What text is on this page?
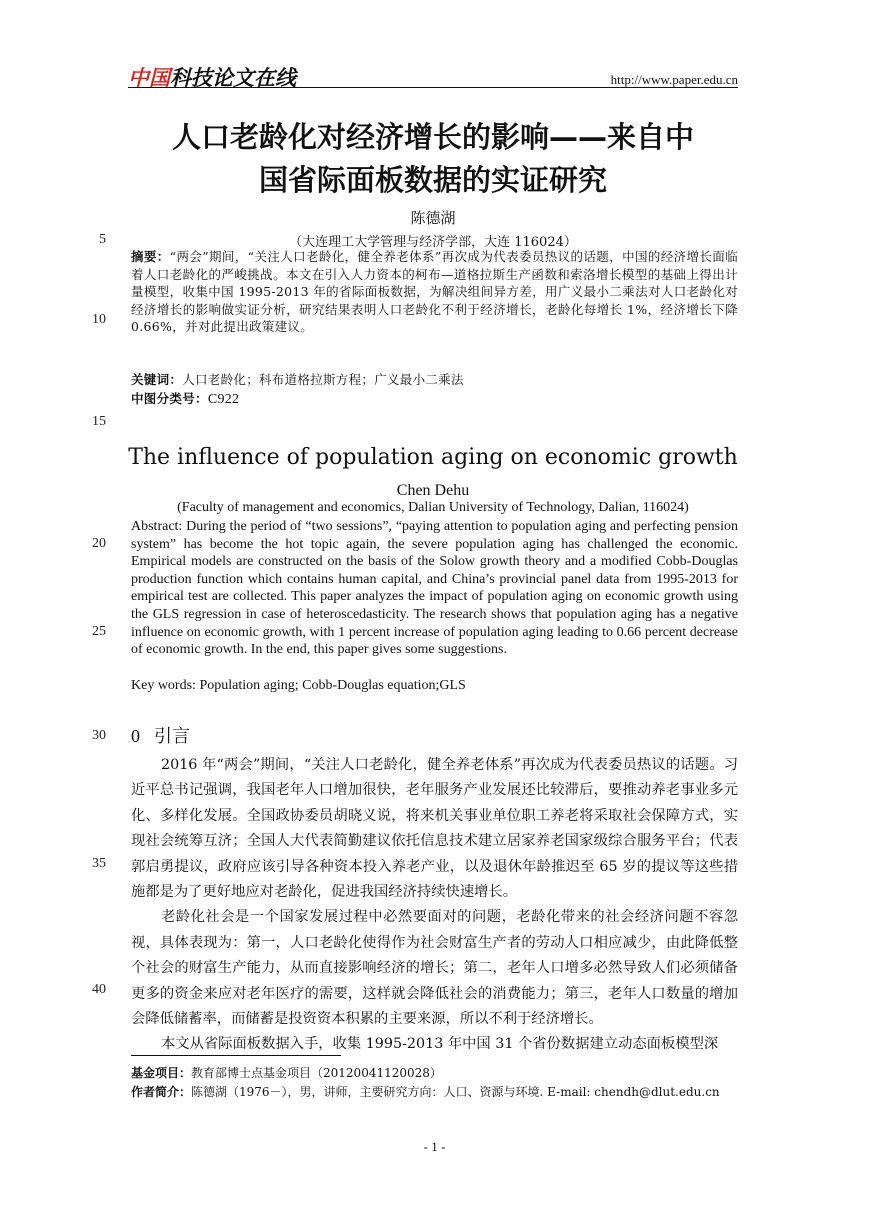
中国科技论文在线	http://www.paper.edu.cn
人口老龄化对经济增长的影响——来自中
国省际面板数据的实证研究
陈德湖
（大连理工大学管理与经济学部，大连 116024）
5
10
15
20
25
30
35
40
摘要：“两会”期间，“关注人口老龄化，健全养老体系”再次成为代表委员热议的话题，中国的经济增长面临着人口老龄化的严峻挑战。本文在引入人力资本的柯布—道格拉斯生产函数和索洛增长模型的基础上得出计量模型，收集中国 1995-2013 年的省际面板数据，为解决组间异方差，用广义最小二乘法对人口老龄化对经济增长的影响做实证分析，研究结果表明人口老龄化不利于经济增长，老龄化每增长 1%，经济增长下降 0.66%，并对此提出政策建议。
关键词：人口老龄化；科布道格拉斯方程；广义最小二乘法
中图分类号：C922
The influence of population aging on economic growth
Chen Dehu
(Faculty of management and economics, Dalian University of Technology, Dalian, 116024)
Abstract: During the period of “two sessions”, “paying attention to population aging and perfecting pension system” has become the hot topic again, the severe population aging has challenged the economic. Empirical models are constructed on the basis of the Solow growth theory and a modified Cobb-Douglas production function which contains human capital, and China’s provincial panel data from 1995-2013 for empirical test are collected. This paper analyzes the impact of population aging on economic growth using the GLS regression in case of heteroscedasticity. The research shows that population aging has a negative influence on economic growth, with 1 percent increase of population aging leading to 0.66 percent decrease of economic growth. In the end, this paper gives some suggestions.
Key words: Population aging; Cobb-Douglas equation;GLS
0 引言

2016 年“两会”期间，“关注人口老龄化，健全养老体系”再次成为代表委员热议的话题。习近平总书记强调，我国老年人口增加很快，老年服务产业发展还比较滞后，要推动养老事业多元化、多样化发展。全国政协委员胡晓义说，将来机关事业单位职工养老将采取社会保障方式，实现社会统筹互济；全国人大代表简勤建议依托信息技术建立居家养老国家级综合服务平台；代表郭启勇提议，政府应该引导各种资本投入养老产业，以及退休年龄推迟至 65 岁的提议等这些措施都是为了更好地应对老龄化，促进我国经济持续快速增长。

老龄化社会是一个国家发展过程中必然要面对的问题，老龄化带来的社会经济问题不容忽视，具体表现为：第一，人口老龄化使得作为社会财富生产者的劳动人口相应减少，由此降低整个社会的财富生产能力，从而直接影响经济的增长；第二，老年人口增多必然导致人们必须储备更多的资金来应对老年医疗的需要，这样就会降低社会的消费能力；第三，老年人口数量的增加会降低储蓄率，而储蓄是投资资本积累的主要来源，所以不利于经济增长。

本文从省际面板数据入手，收集 1995-2013 年中国 31 个省份数据建立动态面板模型深

基金项目：教育部博士点基金项目（20120041120028）
作者简介：陈德湖（1976－），男，讲师，主要研究方向：人口、资源与环境. E-mail: chendh@dlut.edu.cn
- 1 -
